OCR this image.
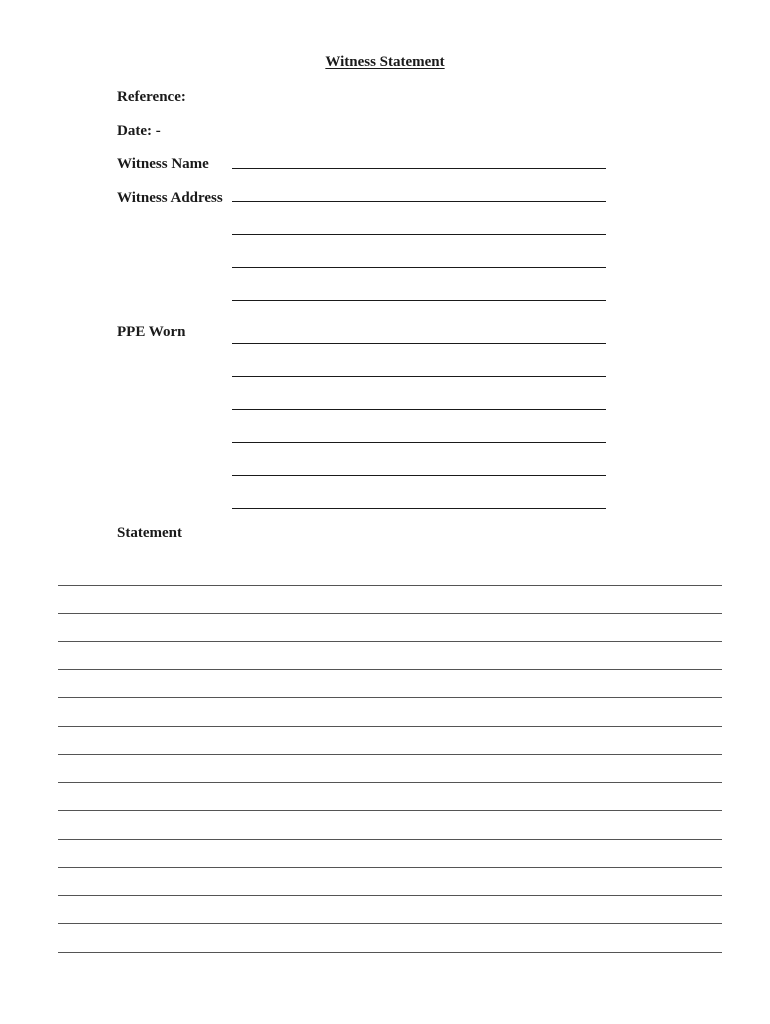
Witness Statement
Reference:
Date: -
Witness Name
Witness Address
PPE Worn
Statement
